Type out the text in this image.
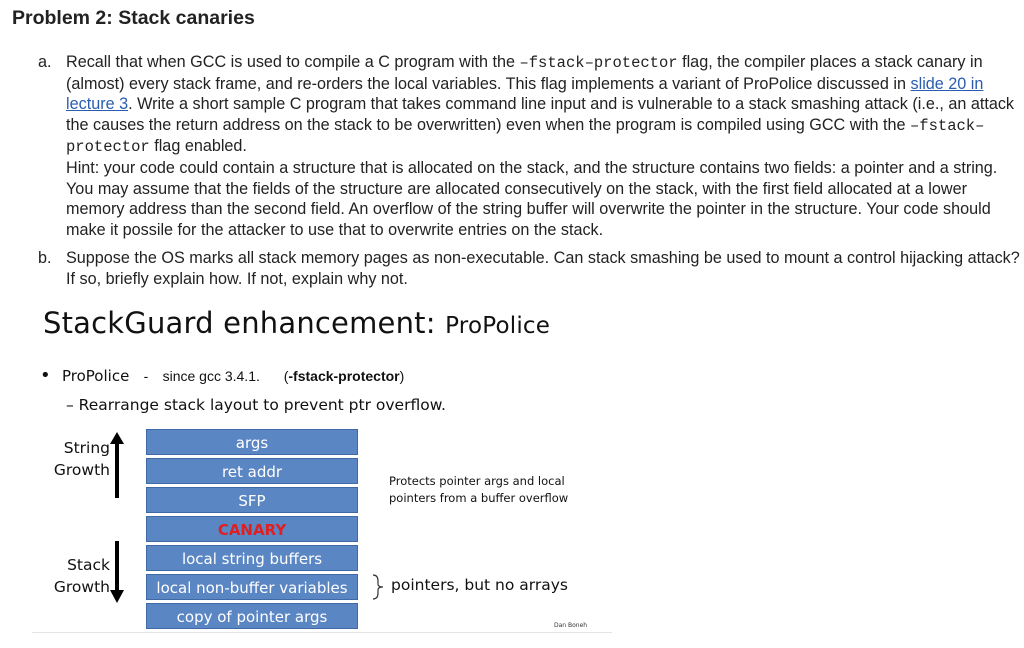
Problem 2: Stack canaries
a. Recall that when GCC is used to compile a C program with the –fstack–protector flag, the compiler places a stack canary in (almost) every stack frame, and re-orders the local variables. This flag implements a variant of ProPolice discussed in slide 20 in lecture 3. Write a short sample C program that takes command line input and is vulnerable to a stack smashing attack (i.e., an attack the causes the return address on the stack to be overwritten) even when the program is compiled using GCC with the –fstack–protector flag enabled.
Hint: your code could contain a structure that is allocated on the stack, and the structure contains two fields: a pointer and a string. You may assume that the fields of the structure are allocated consecutively on the stack, with the first field allocated at a lower memory address than the second field. An overflow of the string buffer will overwrite the pointer in the structure. Your code should make it possile for the attacker to use that to overwrite entries on the stack.
b. Suppose the OS marks all stack memory pages as non-executable. Can stack smashing be used to mount a control hijacking attack? If so, briefly explain how. If not, explain why not.
StackGuard enhancement: ProPolice
• ProPolice - since gcc 3.4.1. (-fstack-protector)
– Rearrange stack layout to prevent ptr overflow.
String
Growth
Stack
Growth
args
ret addr
SFP
CANARY
local string buffers
local non-buffer variables
copy of pointer args
Protects pointer args and local
pointers from a buffer overflow
pointers, but no arrays
Dan Boneh
